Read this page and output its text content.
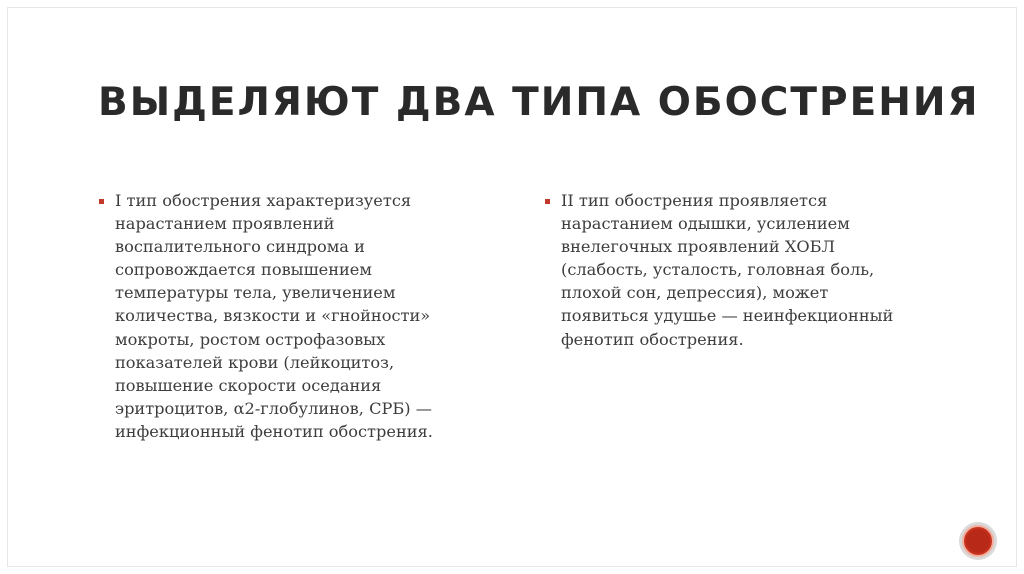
ВЫДЕЛЯЮТ ДВА ТИПА ОБОСТРЕНИЯ
I тип обострения характеризуется нарастанием проявлений воспалительного синдрома и сопровождается повышением температуры тела, увеличением количества, вязкости и «гнойности» мокроты, ростом острофазовых показателей крови (лейкоцитоз, повышение скорости оседания эритроцитов, α2-глобулинов, СРБ) — инфекционный фенотип обострения.
II тип обострения проявляется нарастанием одышки, усилением внелегочных проявлений ХОБЛ (слабость, усталость, головная боль, плохой сон, депрессия), может появиться удушье — неинфекционный фенотип обострения.
